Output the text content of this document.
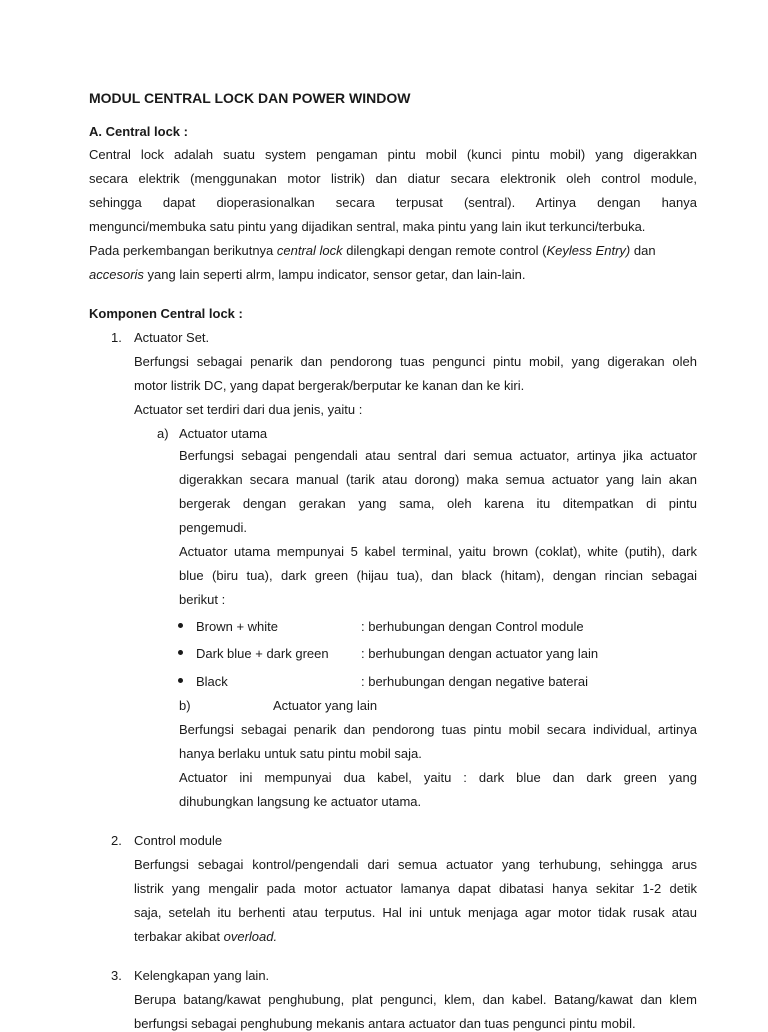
MODUL CENTRAL LOCK DAN POWER WINDOW
A. Central lock :
Central lock adalah suatu system pengaman pintu mobil (kunci pintu mobil) yang digerakkan
secara elektrik (menggunakan motor listrik) dan diatur secara elektronik oleh control module,
sehingga dapat dioperasionalkan secara terpusat (sentral). Artinya dengan hanya
mengunci/membuka satu pintu yang dijadikan sentral, maka pintu yang lain ikut terkunci/terbuka.
Pada perkembangan berikutnya central lock dilengkapi dengan remote control (Keyless Entry) dan
accesoris yang lain seperti alrm, lampu indicator, sensor getar, dan lain-lain.
Komponen Central lock :
1. Actuator Set.
Berfungsi sebagai penarik dan pendorong tuas pengunci pintu mobil, yang digerakan oleh
motor listrik DC, yang dapat bergerak/berputar ke kanan dan ke kiri.
Actuator set terdiri dari dua jenis, yaitu :
a) Actuator utama
Berfungsi sebagai pengendali atau sentral dari semua actuator, artinya jika actuator
digerakkan secara manual (tarik atau dorong) maka semua actuator yang lain akan
bergerak dengan gerakan yang sama, oleh karena itu ditempatkan di pintu
pengemudi.
Actuator utama mempunyai 5 kabel terminal, yaitu brown (coklat), white (putih), dark
blue (biru tua), dark green (hijau tua), dan black (hitam), dengan rincian sebagai
berikut :
Brown + white	: berhubungan dengan Control module
Dark blue + dark green : berhubungan dengan actuator yang lain
Black	: berhubungan dengan negative baterai
b)	Actuator yang lain
Berfungsi sebagai penarik dan pendorong tuas pintu mobil secara individual, artinya
hanya berlaku untuk satu pintu mobil saja.
Actuator ini mempunyai dua kabel, yaitu : dark blue dan dark green yang
dihubungkan langsung ke actuator utama.
2. Control module
Berfungsi sebagai kontrol/pengendali dari semua actuator yang terhubung, sehingga arus
listrik yang mengalir pada motor actuator lamanya dapat dibatasi hanya sekitar 1-2 detik
saja, setelah itu berhenti atau terputus. Hal ini untuk menjaga agar motor tidak rusak atau
terbakar akibat overload.
3. Kelengkapan yang lain.
Berupa batang/kawat penghubung, plat pengunci, klem, dan kabel. Batang/kawat dan klem
berfungsi sebagai penghubung mekanis antara actuator dan tuas pengunci pintu mobil.
